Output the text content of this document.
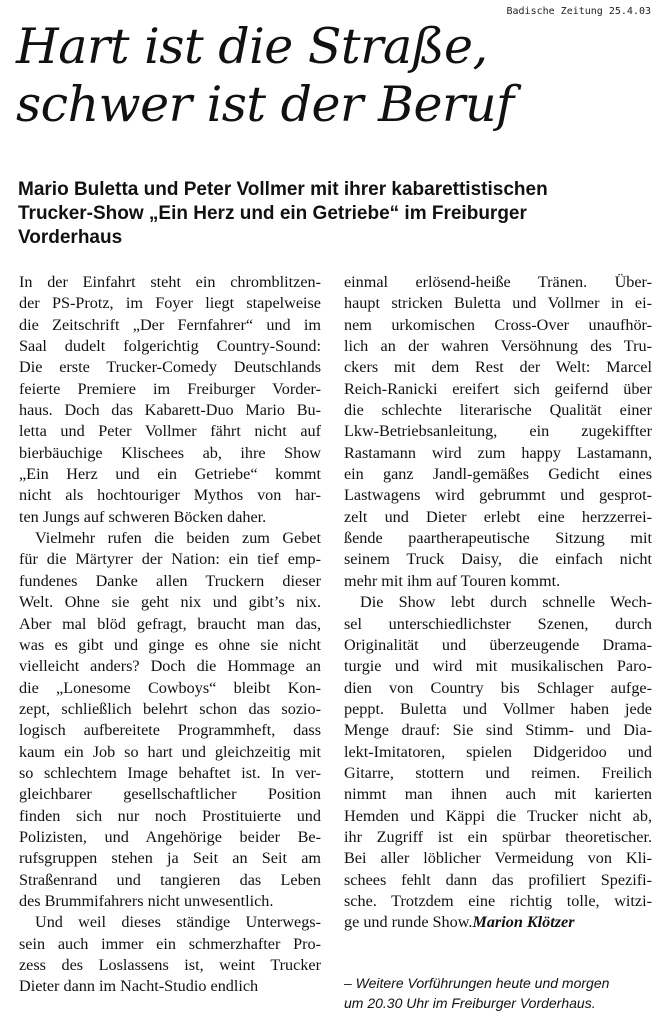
Badische Zeitung 25.4.03
Hart ist die Straße,
schwer ist der Beruf
Mario Buletta und Peter Vollmer mit ihrer kabarettistischen
Trucker-Show „Ein Herz und ein Getriebe“ im Freiburger
Vorderhaus
In der Einfahrt steht ein chromblitzen-
der PS-Protz, im Foyer liegt stapelweise
die Zeitschrift „Der Fernfahrer“ und im
Saal dudelt folgerichtig Country-Sound:
Die erste Trucker-Comedy Deutschlands
feierte Premiere im Freiburger Vorder-
haus. Doch das Kabarett-Duo Mario Bu-
letta und Peter Vollmer fährt nicht auf
bierbäuchige Klischees ab, ihre Show
„Ein Herz und ein Getriebe“ kommt
nicht als hochtouriger Mythos von har-
ten Jungs auf schweren Böcken daher.
Vielmehr rufen die beiden zum Gebet
für die Märtyrer der Nation: ein tief emp-
fundenes Danke allen Truckern dieser
Welt. Ohne sie geht nix und gibt’s nix.
Aber mal blöd gefragt, braucht man das,
was es gibt und ginge es ohne sie nicht
vielleicht anders? Doch die Hommage an
die „Lonesome Cowboys“ bleibt Kon-
zept, schließlich belehrt schon das sozio-
logisch aufbereitete Programmheft, dass
kaum ein Job so hart und gleichzeitig mit
so schlechtem Image behaftet ist. In ver-
gleichbarer gesellschaftlicher Position
finden sich nur noch Prostituierte und
Polizisten, und Angehörige beider Be-
rufsgruppen stehen ja Seit an Seit am
Straßenrand und tangieren das Leben
des Brummifahrers nicht unwesentlich.
Und weil dieses ständige Unterwegs-
sein auch immer ein schmerzhafter Pro-
zess des Loslassens ist, weint Trucker
Dieter dann im Nacht-Studio endlich
einmal erlösend-heiße Tränen. Über-
haupt stricken Buletta und Vollmer in ei-
nem urkomischen Cross-Over unaufhör-
lich an der wahren Versöhnung des Tru-
ckers mit dem Rest der Welt: Marcel
Reich-Ranicki ereifert sich geifernd über
die schlechte literarische Qualität einer
Lkw-Betriebsanleitung, ein zugekiffter
Rastamann wird zum happy Lastamann,
ein ganz Jandl-gemäßes Gedicht eines
Lastwagens wird gebrummt und gesprot-
zelt und Dieter erlebt eine herzzerrei-
ßende paartherapeutische Sitzung mit
seinem Truck Daisy, die einfach nicht
mehr mit ihm auf Touren kommt.
Die Show lebt durch schnelle Wech-
sel unterschiedlichster Szenen, durch
Originalität und überzeugende Drama-
turgie und wird mit musikalischen Paro-
dien von Country bis Schlager aufge-
peppt. Buletta und Vollmer haben jede
Menge drauf: Sie sind Stimm- und Dia-
lekt-Imitatoren, spielen Didgeridoo und
Gitarre, stottern und reimen. Freilich
nimmt man ihnen auch mit karierten
Hemden und Käppi die Trucker nicht ab,
ihr Zugriff ist ein spürbar theoretischer.
Bei aller löblicher Vermeidung von Kli-
schees fehlt dann das profiliert Spezifi-
sche. Trotzdem eine richtig tolle, witzi-
ge und runde Show.Marion Klötzer
– Weitere Vorführungen heute und morgen
um 20.30 Uhr im Freiburger Vorderhaus.
